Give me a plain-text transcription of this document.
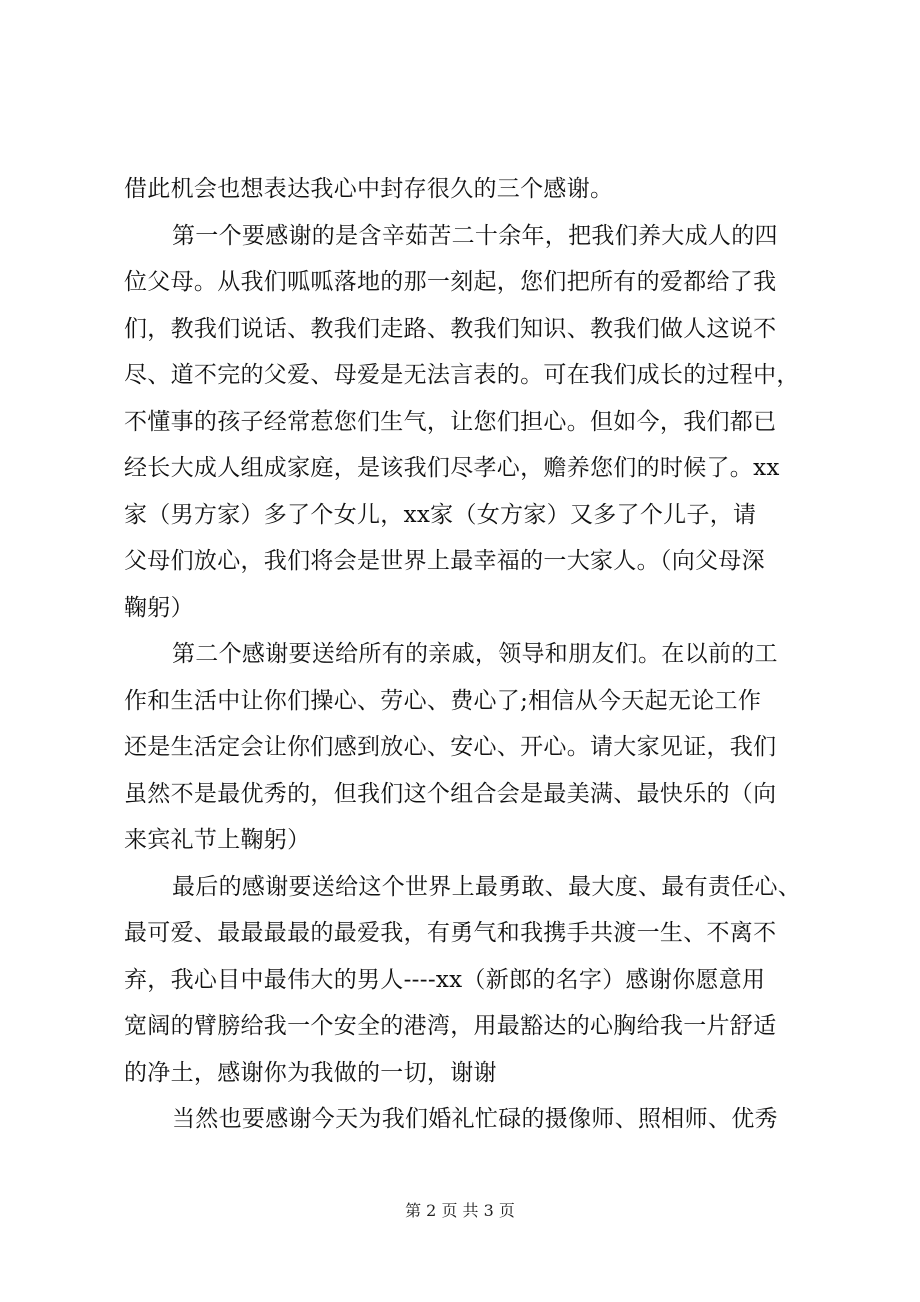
借此机会也想表达我心中封存很久的三个感谢。
第一个要感谢的是含辛茹苦二十余年，把我们养大成人的四
位父母。从我们呱呱落地的那一刻起，您们把所有的爱都给了我
们，教我们说话、教我们走路、教我们知识、教我们做人这说不
尽、道不完的父爱、母爱是无法言表的。可在我们成长的过程中，
不懂事的孩子经常惹您们生气，让您们担心。但如今，我们都已
经长大成人组成家庭，是该我们尽孝心，赡养您们的时候了。xx
家（男方家）多了个女儿，xx家（女方家）又多了个儿子，请
父母们放心，我们将会是世界上最幸福的一大家人。（向父母深
鞠躬）
第二个感谢要送给所有的亲戚，领导和朋友们。在以前的工
作和生活中让你们操心、劳心、费心了;相信从今天起无论工作
还是生活定会让你们感到放心、安心、开心。请大家见证，我们
虽然不是最优秀的，但我们这个组合会是最美满、最快乐的（向
来宾礼节上鞠躬）
最后的感谢要送给这个世界上最勇敢、最大度、最有责任心、
最可爱、最最最最的最爱我，有勇气和我携手共渡一生、不离不
弃，我心目中最伟大的男人----xx（新郎的名字）感谢你愿意用
宽阔的臂膀给我一个安全的港湾，用最豁达的心胸给我一片舒适
的净土，感谢你为我做的一切，谢谢
当然也要感谢今天为我们婚礼忙碌的摄像师、照相师、优秀
第 2 页 共 3 页
